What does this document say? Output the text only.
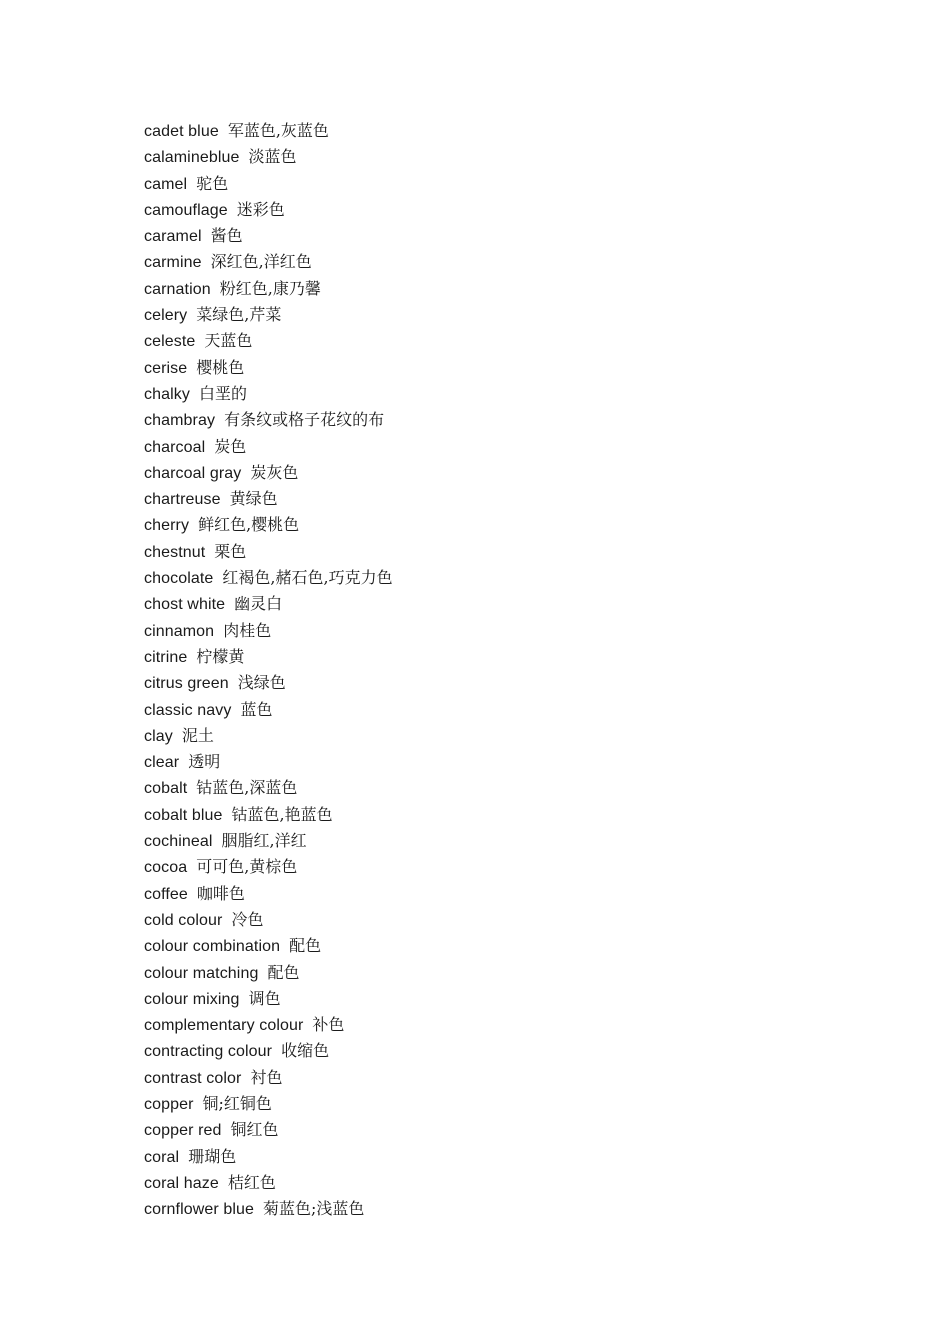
cadet blue 军蓝色,灰蓝色
calamineblue 淡蓝色
camel 驼色
camouflage 迷彩色
caramel 酱色
carmine 深红色,洋红色
carnation 粉红色,康乃馨
celery 菜绿色,芹菜
celeste 天蓝色
cerise 樱桃色
chalky 白垩的
chambray 有条纹或格子花纹的布
charcoal 炭色
charcoal gray 炭灰色
chartreuse 黄绿色
cherry 鲜红色,樱桃色
chestnut 栗色
chocolate 红褐色,赭石色,巧克力色
chost white 幽灵白
cinnamon 肉桂色
citrine 柠檬黄
citrus green 浅绿色
classic navy 蓝色
clay 泥土
clear 透明
cobalt 钴蓝色,深蓝色
cobalt blue 钴蓝色,艳蓝色
cochineal 胭脂红,洋红
cocoa 可可色,黄棕色
coffee 咖啡色
cold colour 冷色
colour combination 配色
colour matching 配色
colour mixing 调色
complementary colour 补色
contracting colour 收缩色
contrast color 衬色
copper 铜;红铜色
copper red 铜红色
coral 珊瑚色
coral haze 桔红色
cornflower blue 菊蓝色;浅蓝色
